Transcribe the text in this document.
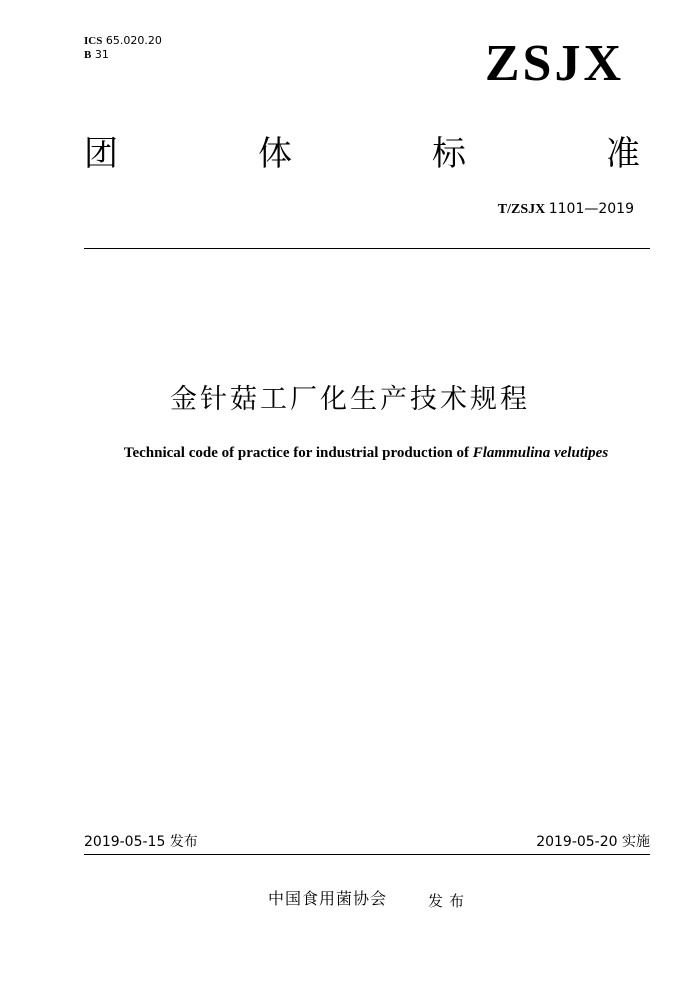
ICS 65.020.20
B 31	ZSJX
团	体	标	准
T/ZSJX 1101—2019
金针菇工厂化生产技术规程
Technical code of practice for industrial production of Flammulina velutipes
2019-05-15 发布	2019-05-20 实施
中国食用菌协会	发布
